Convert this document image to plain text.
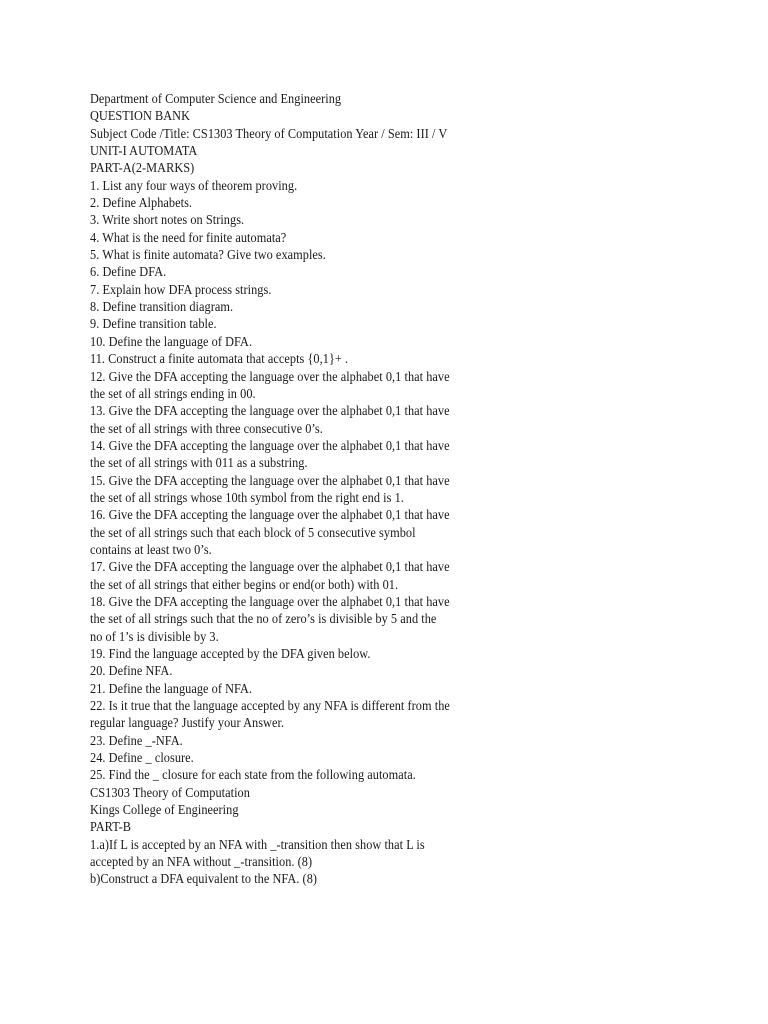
Department of Computer Science and Engineering
QUESTION BANK
Subject Code /Title: CS1303 Theory of Computation Year / Sem: III / V
UNIT-I AUTOMATA
PART-A(2-MARKS)
1. List any four ways of theorem proving.
2. Define Alphabets.
3. Write short notes on Strings.
4. What is the need for finite automata?
5. What is finite automata? Give two examples.
6. Define DFA.
7. Explain how DFA process strings.
8. Define transition diagram.
9. Define transition table.
10. Define the language of DFA.
11. Construct a finite automata that accepts {0,1}+ .
12. Give the DFA accepting the language over the alphabet 0,1 that have
the set of all strings ending in 00.
13. Give the DFA accepting the language over the alphabet 0,1 that have
the set of all strings with three consecutive 0’s.
14. Give the DFA accepting the language over the alphabet 0,1 that have
the set of all strings with 011 as a substring.
15. Give the DFA accepting the language over the alphabet 0,1 that have
the set of all strings whose 10th symbol from the right end is 1.
16. Give the DFA accepting the language over the alphabet 0,1 that have
the set of all strings such that each block of 5 consecutive symbol
contains at least two 0’s.
17. Give the DFA accepting the language over the alphabet 0,1 that have
the set of all strings that either begins or end(or both) with 01.
18. Give the DFA accepting the language over the alphabet 0,1 that have
the set of all strings such that the no of zero’s is divisible by 5 and the
no of 1’s is divisible by 3.
19. Find the language accepted by the DFA given below.
20. Define NFA.
21. Define the language of NFA.
22. Is it true that the language accepted by any NFA is different from the
regular language? Justify your Answer.
23. Define _-NFA.
24. Define _ closure.
25. Find the _ closure for each state from the following automata.
CS1303 Theory of Computation
Kings College of Engineering
PART-B
1.a)If L is accepted by an NFA with _-transition then show that L is
accepted by an NFA without _-transition. (8)
b)Construct a DFA equivalent to the NFA. (8)
